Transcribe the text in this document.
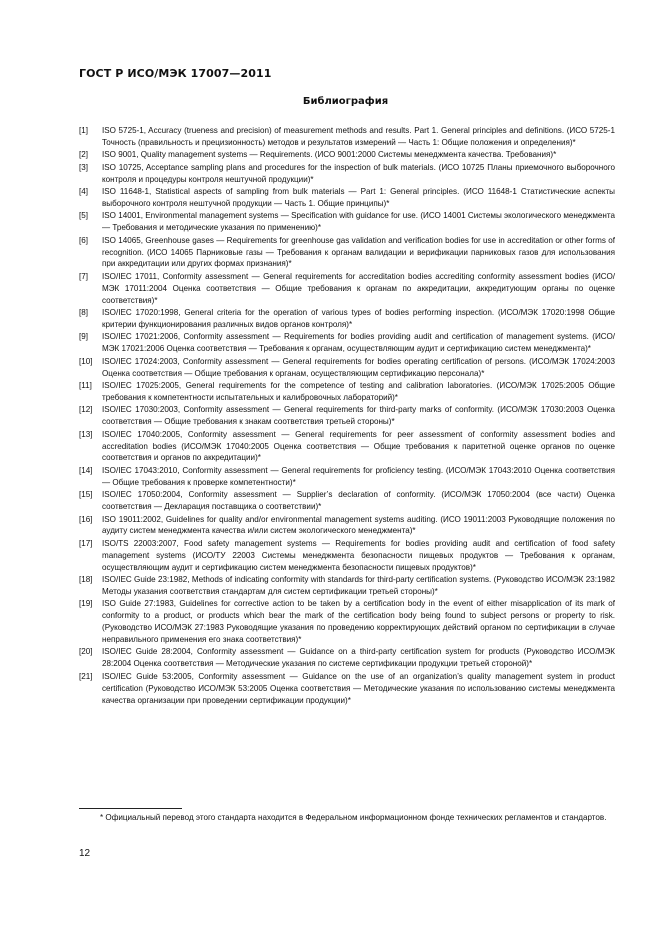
ГОСТ Р ИСО/МЭК 17007—2011
Библиография
[1] ISO 5725-1, Accuracy (trueness and precision) of measurement methods and results. Part 1. General principles and definitions. (ИСО 5725-1 Точность (правильность и прецизионность) методов и результатов измерений — Часть 1: Общие положения и определения)*
[2] ISO 9001, Quality management systems — Requirements. (ИСО 9001:2000 Системы менеджмента качества. Требования)*
[3] ISO 10725, Acceptance sampling plans and procedures for the inspection of bulk materials. (ИСО 10725 Планы приемочного выборочного контроля и процедуры контроля нештучной продукции)*
[4] ISO 11648-1, Statistical aspects of sampling from bulk materials — Part 1: General principles. (ИСО 11648-1 Статистические аспекты выборочного контроля нештучной продукции — Часть 1. Общие принципы)*
[5] ISO 14001, Environmental management systems — Specification with guidance for use. (ИСО 14001 Системы экологического менеджмента — Требования и методические указания по применению)*
[6] ISO 14065, Greenhouse gases — Requirements for greenhouse gas validation and verification bodies for use in accreditation or other forms of recognition. (ИСО 14065 Парниковые газы — Требования к органам валидации и верификации парниковых газов для использования при аккредитации или других формах признания)*
[7] ISO/IEC 17011, Conformity assessment — General requirements for accreditation bodies accrediting conformity assessment bodies (ИСО/МЭК 17011:2004 Оценка соответствия — Общие требования к органам по аккредитации, аккредитующим органы по оценке соответствия)*
[8] ISO/IEC 17020:1998, General criteria for the operation of various types of bodies performing inspection. (ИСО/МЭК 17020:1998 Общие критерии функционирования различных видов органов контроля)*
[9] ISO/IEC 17021:2006, Conformity assessment — Requirements for bodies providing audit and certification of management systems. (ИСО/МЭК 17021:2006 Оценка соответствия — Требования к органам, осуществляющим аудит и сертификацию систем менеджмента)*
[10] ISO/IEC 17024:2003, Conformity assessment — General requirements for bodies operating certification of persons. (ИСО/МЭК 17024:2003 Оценка соответствия — Общие требования к органам, осуществляющим сертификацию персонала)*
[11] ISO/IEC 17025:2005, General requirements for the competence of testing and calibration laboratories. (ИСО/МЭК 17025:2005 Общие требования к компетентности испытательных и калибровочных лабораторий)*
[12] ISO/IEC 17030:2003, Conformity assessment — General requirements for third-party marks of conformity. (ИСО/МЭК 17030:2003 Оценка соответствия — Общие требования к знакам соответствия третьей стороны)*
[13] ISO/IEC 17040:2005, Conformity assessment — General requirements for peer assessment of conformity assessment bodies and accreditation bodies (ИСО/МЭК 17040:2005 Оценка соответствия — Общие требования к паритетной оценке органов по оценке соответствия и органов по аккредитации)*
[14] ISO/IEC 17043:2010, Conformity assessment — General requirements for proficiency testing. (ИСО/МЭК 17043:2010 Оценка соответствия — Общие требования к проверке компетентности)*
[15] ISO/IEC 17050:2004, Conformity assessment — Supplier’s declaration of conformity. (ИСО/МЭК 17050:2004 (все части) Оценка соответствия — Декларация поставщика о соответствии)*
[16] ISO 19011:2002, Guidelines for quality and/or environmental management systems auditing. (ИСО 19011:2003 Руководящие положения по аудиту систем менеджмента качества и/или систем экологического менеджмента)*
[17] ISO/TS 22003:2007, Food safety management systems — Requirements for bodies providing audit and certification of food safety management systems (ИСО/ТУ 22003 Системы менеджмента безопасности пищевых продуктов — Требования к органам, осуществляющим аудит и сертификацию систем менеджмента безопасности пищевых продуктов)*
[18] ISO/IEC Guide 23:1982, Methods of indicating conformity with standards for third-party certification systems. (Руководство ИСО/МЭК 23:1982 Методы указания соответствия стандартам для систем сертификации третьей стороны)*
[19] ISO Guide 27:1983, Guidelines for corrective action to be taken by a certification body in the event of either misapplication of its mark of conformity to a product, or products which bear the mark of the certification body being found to subject persons or property to risk. (Руководство ИСО/МЭК 27:1983 Руководящие указания по проведению корректирующих действий органом по сертификации в случае неправильного применения его знака соответствия)*
[20] ISO/IEC Guide 28:2004, Conformity assessment — Guidance on a third-party certification system for products (Руководство ИСО/МЭК 28:2004 Оценка соответствия — Методические указания по системе сертификации продукции третьей стороной)*
[21] ISO/IEC Guide 53:2005, Conformity assessment — Guidance on the use of an organization’s quality management system in product certification (Руководство ИСО/МЭК 53:2005 Оценка соответствия — Методические указания по использованию системы менеджмента качества организации при проведении сертификации продукции)*
* Официальный перевод этого стандарта находится в Федеральном информационном фонде технических регламентов и стандартов.
12
